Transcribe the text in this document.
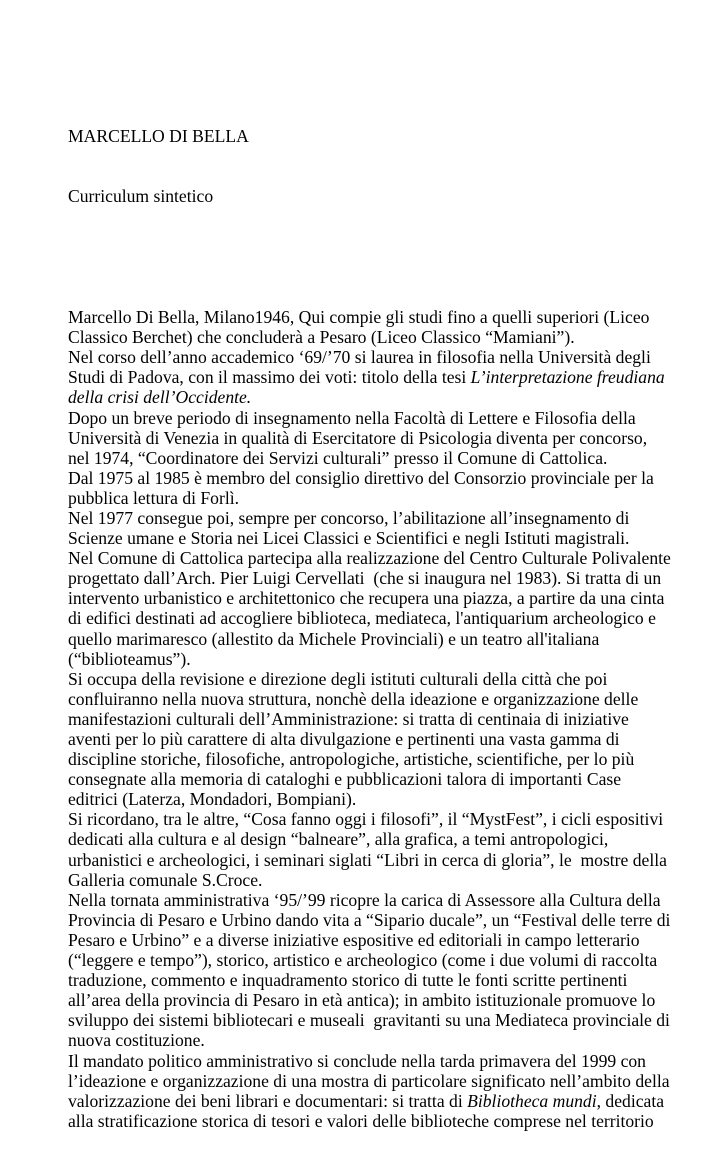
MARCELLO DI BELLA

Curriculum sintetico

Marcello Di Bella, Milano1946, Qui compie gli studi fino a quelli superiori (Liceo
Classico Berchet) che concluderà a Pesaro (Liceo Classico “Mamiani”).
Nel corso dell’anno accademico ‘69/’70 si laurea in filosofia nella Università degli
Studi di Padova, con il massimo dei voti: titolo della tesi L’interpretazione freudiana
della crisi dell’Occidente.
Dopo un breve periodo di insegnamento nella Facoltà di Lettere e Filosofia della
Università di Venezia in qualità di Esercitatore di Psicologia diventa per concorso,
nel 1974, “Coordinatore dei Servizi culturali” presso il Comune di Cattolica.
Dal 1975 al 1985 è membro del consiglio direttivo del Consorzio provinciale per la
pubblica lettura di Forlì.
Nel 1977 consegue poi, sempre per concorso, l’abilitazione all’insegnamento di
Scienze umane e Storia nei Licei Classici e Scientifici e negli Istituti magistrali.
Nel Comune di Cattolica partecipa alla realizzazione del Centro Culturale Polivalente
progettato dall’Arch. Pier Luigi Cervellati  (che si inaugura nel 1983). Si tratta di un
intervento urbanistico e architettonico che recupera una piazza, a partire da una cinta
di edifici destinati ad accogliere biblioteca, mediateca, l'antiquarium archeologico e
quello marimaresco (allestito da Michele Provinciali) e un teatro all'italiana
(“biblioteamus”).
Si occupa della revisione e direzione degli istituti culturali della città che poi
confluiranno nella nuova struttura, nonchè della ideazione e organizzazione delle
manifestazioni culturali dell’Amministrazione: si tratta di centinaia di iniziative
aventi per lo più carattere di alta divulgazione e pertinenti una vasta gamma di
discipline storiche, filosofiche, antropologiche, artistiche, scientifiche, per lo più
consegnate alla memoria di cataloghi e pubblicazioni talora di importanti Case
editrici (Laterza, Mondadori, Bompiani).
Si ricordano, tra le altre, “Cosa fanno oggi i filosofi”, il “MystFest”, i cicli espositivi
dedicati alla cultura e al design “balneare”, alla grafica, a temi antropologici,
urbanistici e archeologici, i seminari siglati “Libri in cerca di gloria”, le  mostre della
Galleria comunale S.Croce.
Nella tornata amministrativa ‘95/’99 ricopre la carica di Assessore alla Cultura della
Provincia di Pesaro e Urbino dando vita a “Sipario ducale”, un “Festival delle terre di
Pesaro e Urbino” e a diverse iniziative espositive ed editoriali in campo letterario
(“leggere e tempo”), storico, artistico e archeologico (come i due volumi di raccolta
traduzione, commento e inquadramento storico di tutte le fonti scritte pertinenti
all’area della provincia di Pesaro in età antica); in ambito istituzionale promuove lo
sviluppo dei sistemi bibliotecari e museali  gravitanti su una Mediateca provinciale di
nuova costituzione.
Il mandato politico amministrativo si conclude nella tarda primavera del 1999 con
l’ideazione e organizzazione di una mostra di particolare significato nell’ambito della
valorizzazione dei beni librari e documentari: si tratta di Bibliotheca mundi, dedicata
alla stratificazione storica di tesori e valori delle biblioteche comprese nel territorio
